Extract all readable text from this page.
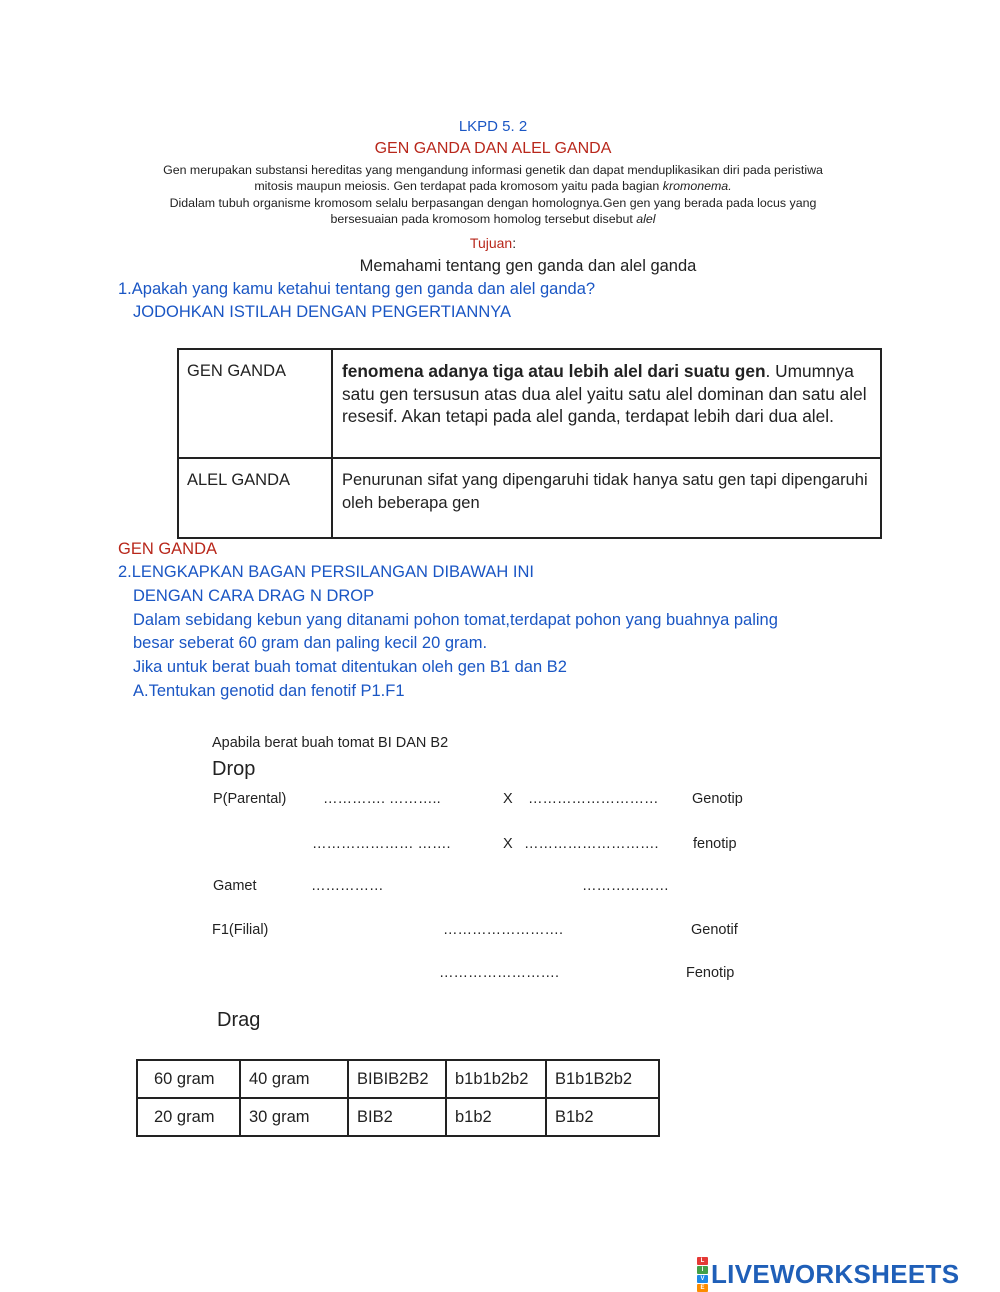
LKPD 5. 2
GEN GANDA DAN ALEL GANDA
Gen merupakan substansi hereditas yang mengandung informasi genetik dan dapat menduplikasikan diri pada peristiwa
mitosis maupun meiosis. Gen terdapat pada kromosom yaitu pada bagian kromonema.
Didalam tubuh organisme kromosom selalu berpasangan dengan homolognya.Gen gen yang berada pada locus yang
bersesuaian pada kromosom homolog tersebut disebut alel
Tujuan:
Memahami tentang gen ganda dan alel ganda
1.Apakah yang kamu ketahui tentang gen ganda dan alel ganda?
JODOHKAN ISTILAH DENGAN PENGERTIANNYA
GEN GANDA	fenomena adanya tiga atau lebih alel dari suatu gen. Umumnya satu gen tersusun atas dua alel yaitu satu alel dominan dan satu alel resesif. Akan tetapi pada alel ganda, terdapat lebih dari dua alel.
ALEL GANDA	Penurunan sifat yang dipengaruhi tidak hanya satu gen tapi dipengaruhi oleh beberapa gen
GEN GANDA
2.LENGKAPKAN BAGAN PERSILANGAN DIBAWAH INI
DENGAN CARA DRAG N DROP
Dalam sebidang kebun yang ditanami pohon tomat,terdapat pohon yang buahnya paling
besar seberat 60 gram dan paling kecil 20 gram.
Jika untuk berat buah tomat ditentukan oleh gen B1 dan B2
A.Tentukan genotid dan fenotif P1.F1
Apabila berat buah tomat BI DAN B2
Drop
P(Parental)	…………. ………..	X ……………………… Genotip
………………… …….	X ………………………. fenotip
Gamet	……………	………………
F1(Filial)	…………………….	Genotif
…………………….	Fenotip
Drag
60 gram	40 gram	BIBIB2B2	b1b1b2b2	B1b1B2b2
20 gram	30 gram	BIB2	b1b2	B1b2
L
I
V
E LIVEWORKSHEETS
